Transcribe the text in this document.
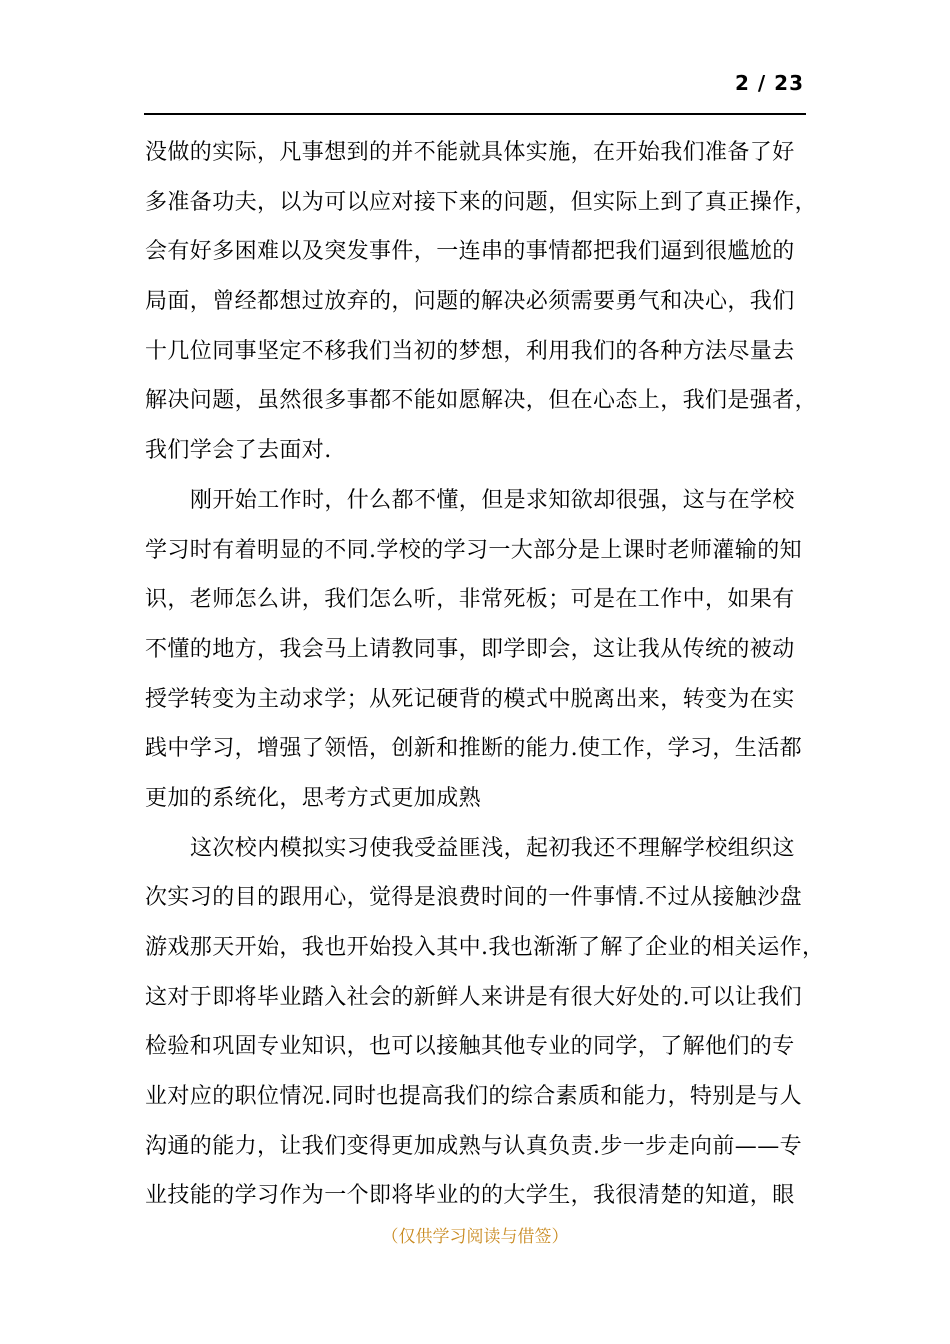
2 / 23
没做的实际，凡事想到的并不能就具体实施，在开始我们准备了好
多准备功夫，以为可以应对接下来的问题，但实际上到了真正操作，
会有好多困难以及突发事件，一连串的事情都把我们逼到很尴尬的
局面，曾经都想过放弃的，问题的解决必须需要勇气和决心，我们
十几位同事坚定不移我们当初的梦想，利用我们的各种方法尽量去
解决问题，虽然很多事都不能如愿解决，但在心态上，我们是强者，
我们学会了去面对.
刚开始工作时，什么都不懂，但是求知欲却很强，这与在学校
学习时有着明显的不同.学校的学习一大部分是上课时老师灌输的知
识，老师怎么讲，我们怎么听，非常死板；可是在工作中，如果有
不懂的地方，我会马上请教同事，即学即会，这让我从传统的被动
授学转变为主动求学；从死记硬背的模式中脱离出来，转变为在实
践中学习，增强了领悟，创新和推断的能力.使工作，学习，生活都
更加的系统化，思考方式更加成熟
这次校内模拟实习使我受益匪浅，起初我还不理解学校组织这
次实习的目的跟用心，觉得是浪费时间的一件事情.不过从接触沙盘
游戏那天开始，我也开始投入其中.我也渐渐了解了企业的相关运作，
这对于即将毕业踏入社会的新鲜人来讲是有很大好处的.可以让我们
检验和巩固专业知识，也可以接触其他专业的同学，了解他们的专
业对应的职位情况.同时也提高我们的综合素质和能力，特别是与人
沟通的能力，让我们变得更加成熟与认真负责.步一步走向前——专
业技能的学习作为一个即将毕业的的大学生，我很清楚的知道，眼
（仅供学习阅读与借签）
